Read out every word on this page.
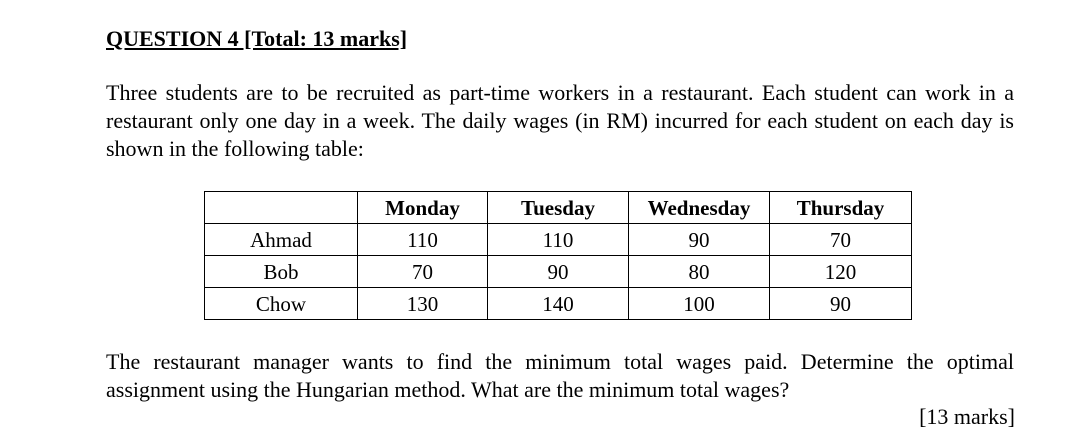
QUESTION 4 [Total: 13 marks]
Three students are to be recruited as part-time workers in a restaurant. Each student can work in a restaurant only one day in a week. The daily wages (in RM) incurred for each student on each day is shown in the following table:
	Monday	Tuesday	Wednesday	Thursday
Ahmad	110	110	90	70
Bob	70	90	80	120
Chow	130	140	100	90
The restaurant manager wants to find the minimum total wages paid. Determine the optimal assignment using the Hungarian method. What are the minimum total wages?
[13 marks]
